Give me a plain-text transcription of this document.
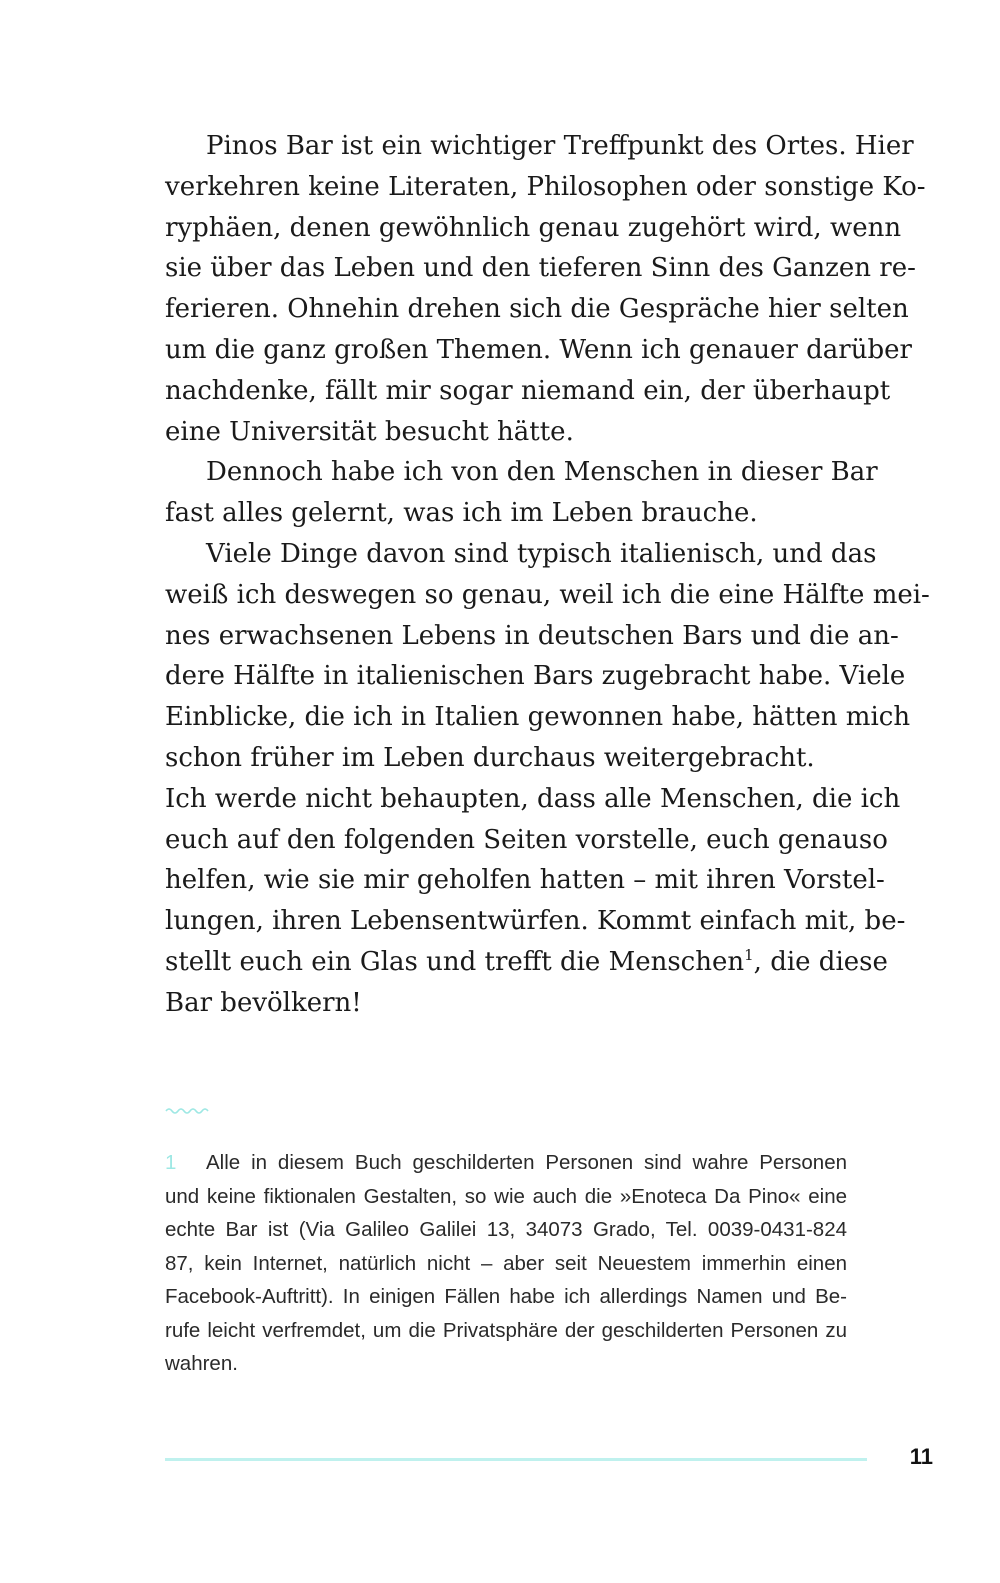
Pinos Bar ist ein wichtiger Treffpunkt des Ortes. Hier
verkehren keine Literaten, Philosophen oder sonstige Ko-
ryphäen, denen gewöhnlich genau zugehört wird, wenn
sie über das Leben und den tieferen Sinn des Ganzen re-
ferieren. Ohnehin drehen sich die Gespräche hier selten
um die ganz großen Themen. Wenn ich genauer darüber
nachdenke, fällt mir sogar niemand ein, der überhaupt
eine Universität besucht hätte.
Dennoch habe ich von den Menschen in dieser Bar
fast alles gelernt, was ich im Leben brauche.
Viele Dinge davon sind typisch italienisch, und das
weiß ich deswegen so genau, weil ich die eine Hälfte mei-
nes erwachsenen Lebens in deutschen Bars und die an-
dere Hälfte in italienischen Bars zugebracht habe. Viele
Einblicke, die ich in Italien gewonnen habe, hätten mich
schon früher im Leben durchaus weitergebracht.
Ich werde nicht behaupten, dass alle Menschen, die ich
euch auf den folgenden Seiten vorstelle, euch genauso
helfen, wie sie mir geholfen hatten – mit ihren Vorstel-
lungen, ihren Lebensentwürfen. Kommt einfach mit, be-
stellt euch ein Glas und trefft die Menschen$^1$, die diese
Bar bevölkern!
1 Alle in diesem Buch geschilderten Personen sind wahre Personen
und keine fiktionalen Gestalten, so wie auch die »Enoteca Da Pino« eine
echte Bar ist (Via Galileo Galilei 13, 34073 Grado, Tel. 0039-0431-824
87, kein Internet, natürlich nicht – aber seit Neuestem immerhin einen
Facebook-Auftritt). In einigen Fällen habe ich allerdings Namen und Be-
rufe leicht verfremdet, um die Privatsphäre der geschilderten Personen zu
wahren.
11
